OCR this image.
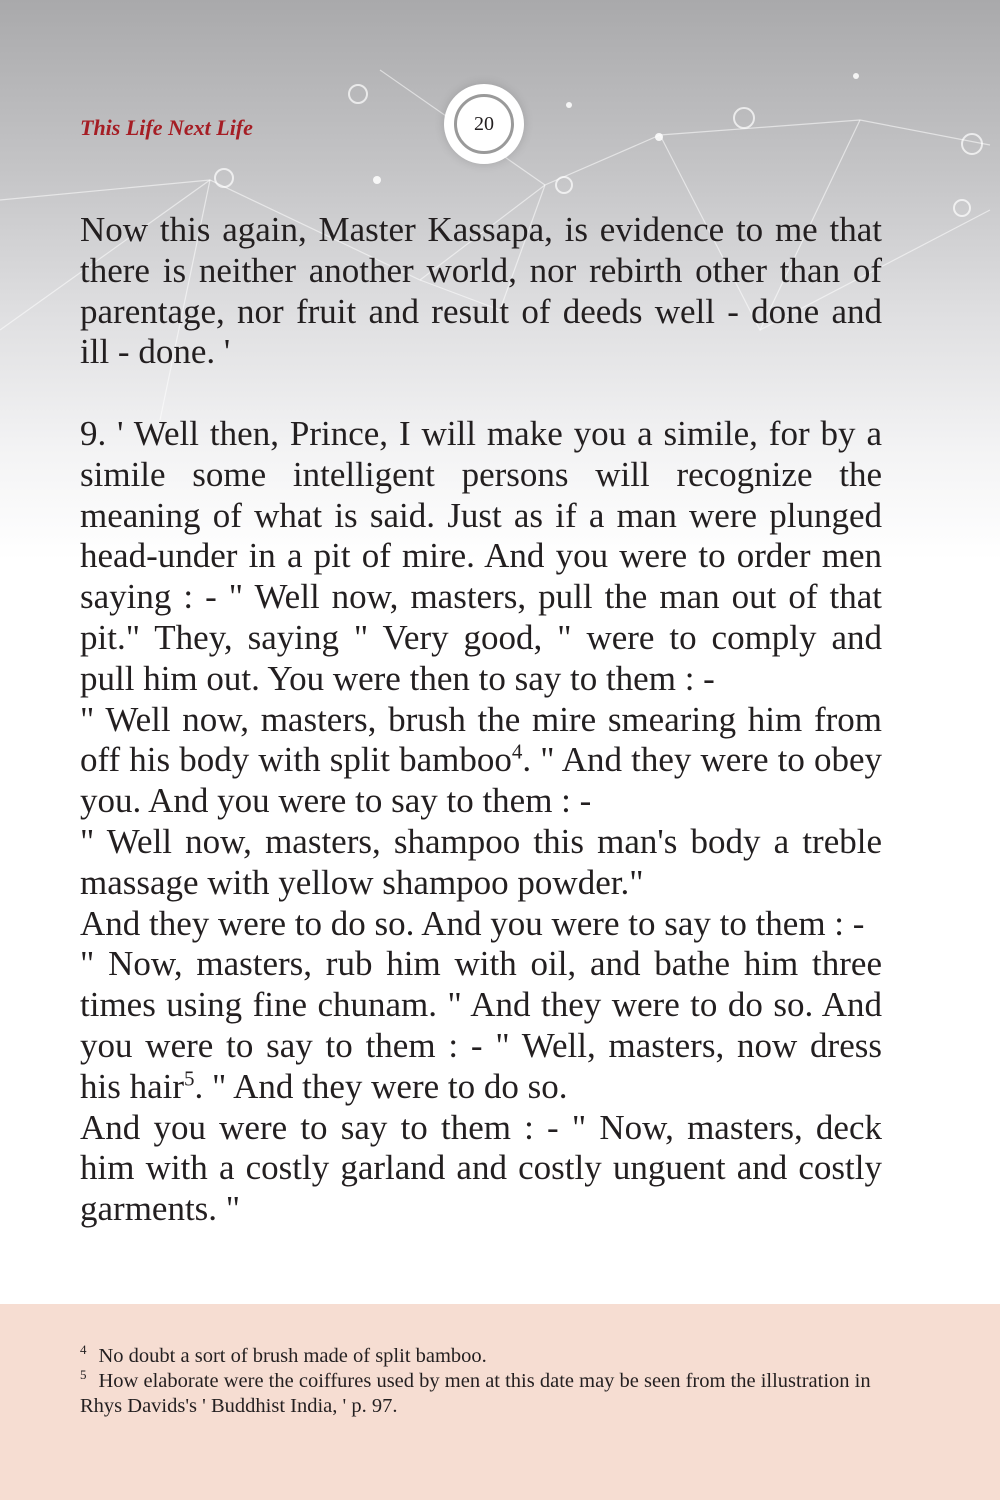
This Life Next Life	20

Now this again, Master Kassapa, is evidence to me that there is neither another world, nor rebirth other than of parentage, nor fruit and result of deeds well - done and ill - done. '

9. ' Well then, Prince, I will make you a simile, for by a simile some intelligent persons will recognize the meaning of what is said. Just as if a man were plunged head-under in a pit of mire. And you were to order men saying : - " Well now, masters, pull the man out of that pit." They, saying " Very good, " were to comply and pull him out. You were then to say to them : -
" Well now, masters, brush the mire smearing him from off his body with split bamboo$^4$. " And they were to obey you. And you were to say to them : -
" Well now, masters, shampoo this man's body a treble massage with yellow shampoo powder."
And they were to do so. And you were to say to them : -
" Now, masters, rub him with oil, and bathe him three times using fine chunam. " And they were to do so. And you were to say to them : - " Well, masters, now dress his hair$^5$. " And they were to do so.
And you were to say to them : - " Now, masters, deck him with a costly garland and costly unguent and costly garments. "

$^4$ No doubt a sort of brush made of split bamboo.

$^5$ How elaborate were the coiffures used by men at this date may be seen from the illustration in Rhys Davids's ' Buddhist India, ' p. 97.
